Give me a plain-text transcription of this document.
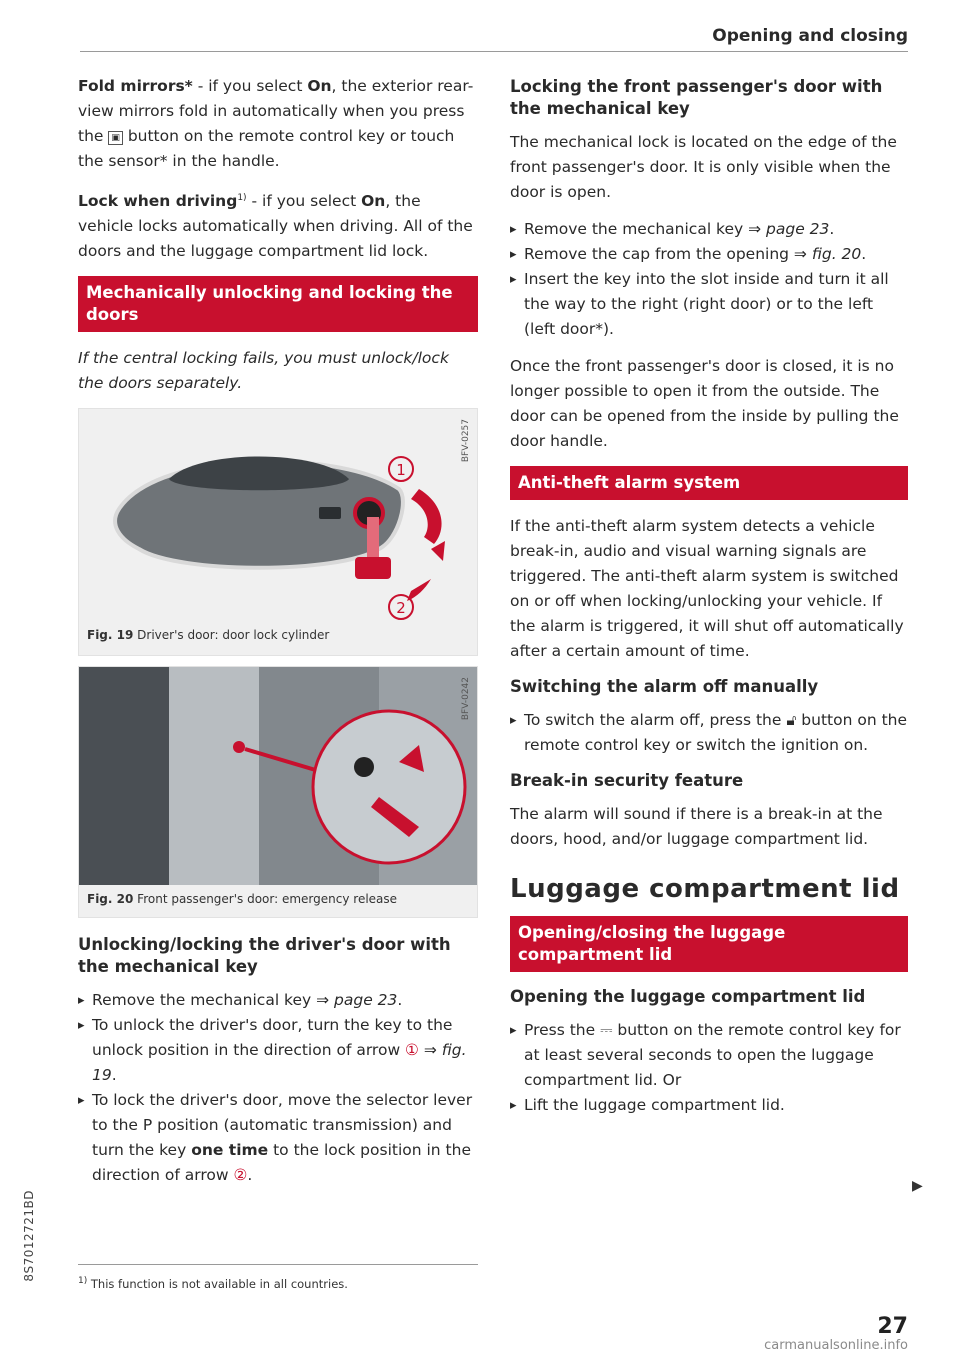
Opening and closing

Fold mirrors* - if you select On, the exterior rear-view mirrors fold in automatically when you press the ▣ button on the remote control key or touch the sensor* in the handle.

Lock when driving$^{1)}$ - if you select On, the vehicle locks automatically when driving. All of the doors and the luggage compartment lid lock.

Mechanically unlocking and locking the doors

If the central locking fails, you must unlock/lock the doors separately.

BFV-0257
1
2
Fig. 19 Driver's door: door lock cylinder
BFV-0242
Fig. 20 Front passenger's door: emergency release
Unlocking/locking the driver's door with the mechanical key
▸ Remove the mechanical key ⇒ page 23.
▸ To unlock the driver's door, turn the key to the unlock position in the direction of arrow ① ⇒ fig. 19.
▸ To lock the driver's door, move the selector lever to the P position (automatic transmission) and turn the key one time to the lock position in the direction of arrow ②.
Locking the front passenger's door with the mechanical key

The mechanical lock is located on the edge of the front passenger's door. It is only visible when the door is open.

▸ Remove the mechanical key ⇒ page 23.
▸ Remove the cap from the opening ⇒ fig. 20.
▸ Insert the key into the slot inside and turn it all the way to the right (right door) or to the left (left door*).

Once the front passenger's door is closed, it is no longer possible to open it from the outside. The door can be opened from the inside by pulling the door handle.

Anti-theft alarm system

If the anti-theft alarm system detects a vehicle break-in, audio and visual warning signals are triggered. The anti-theft alarm system is switched on or off when locking/unlocking your vehicle. If the alarm is triggered, it will shut off automatically after a certain amount of time.

Switching the alarm off manually
▸ To switch the alarm off, press the 🔓︎ button on the remote control key or switch the ignition on.
Break-in security feature

The alarm will sound if there is a break-in at the doors, hood, and/or luggage compartment lid.

Luggage compartment lid
Opening/closing the luggage compartment lid
Opening the luggage compartment lid
▸ Press the ⎓ button on the remote control key for at least several seconds to open the luggage compartment lid. Or
▸ Lift the luggage compartment lid.
▶
$^{1)}$ This function is not available in all countries.
8S7012721BD
27
carmanualsonline.info
